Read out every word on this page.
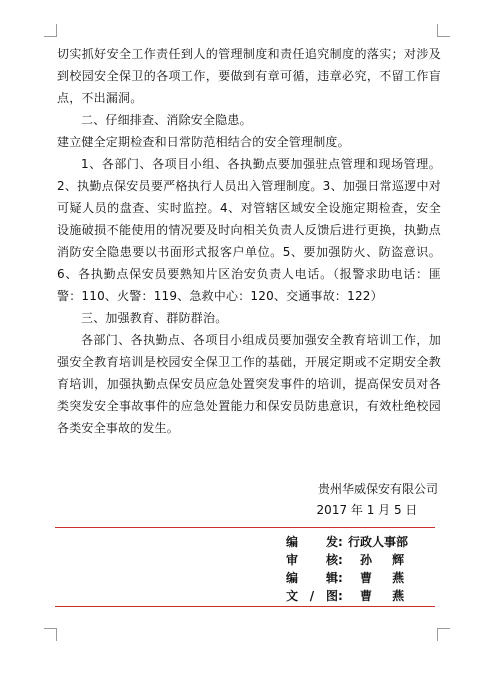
切实抓好安全工作责任到人的管理制度和责任追究制度的落实；对涉及到校园安全保卫的各项工作，要做到有章可循，违章必究，不留工作盲点，不出漏洞。

二、仔细排查、消除安全隐患。

建立健全定期检查和日常防范相结合的安全管理制度。

1、各部门、各项目小组、各执勤点要加强驻点管理和现场管理。2、执勤点保安员要严格执行人员出入管理制度。3、加强日常巡逻中对可疑人员的盘查、实时监控。4、对管辖区域安全设施定期检查，安全设施破损不能使用的情况要及时向相关负责人反馈后进行更换，执勤点消防安全隐患要以书面形式报客户单位。5、要加强防火、防盗意识。6、各执勤点保安员要熟知片区治安负责人电话。（报警求助电话：匪警：110、火警：119、急救中心：120、交通事故：122）

三、加强教育、群防群治。

各部门、各执勤点、各项目小组成员要加强安全教育培训工作，加强安全教育培训是校园安全保卫工作的基础，开展定期或不定期安全教育培训，加强执勤点保安员应急处置突发事件的培训，提高保安员对各类突发安全事故事件的应急处置能力和保安员防患意识，有效杜绝校园各类安全事故的发生。

贵州华威保安有限公司
2017 年 1 月 5 日
编 发 : 行政人事部
审 核 :	孙 辉
编 辑 :	曹 燕
文/图 :	曹 燕
